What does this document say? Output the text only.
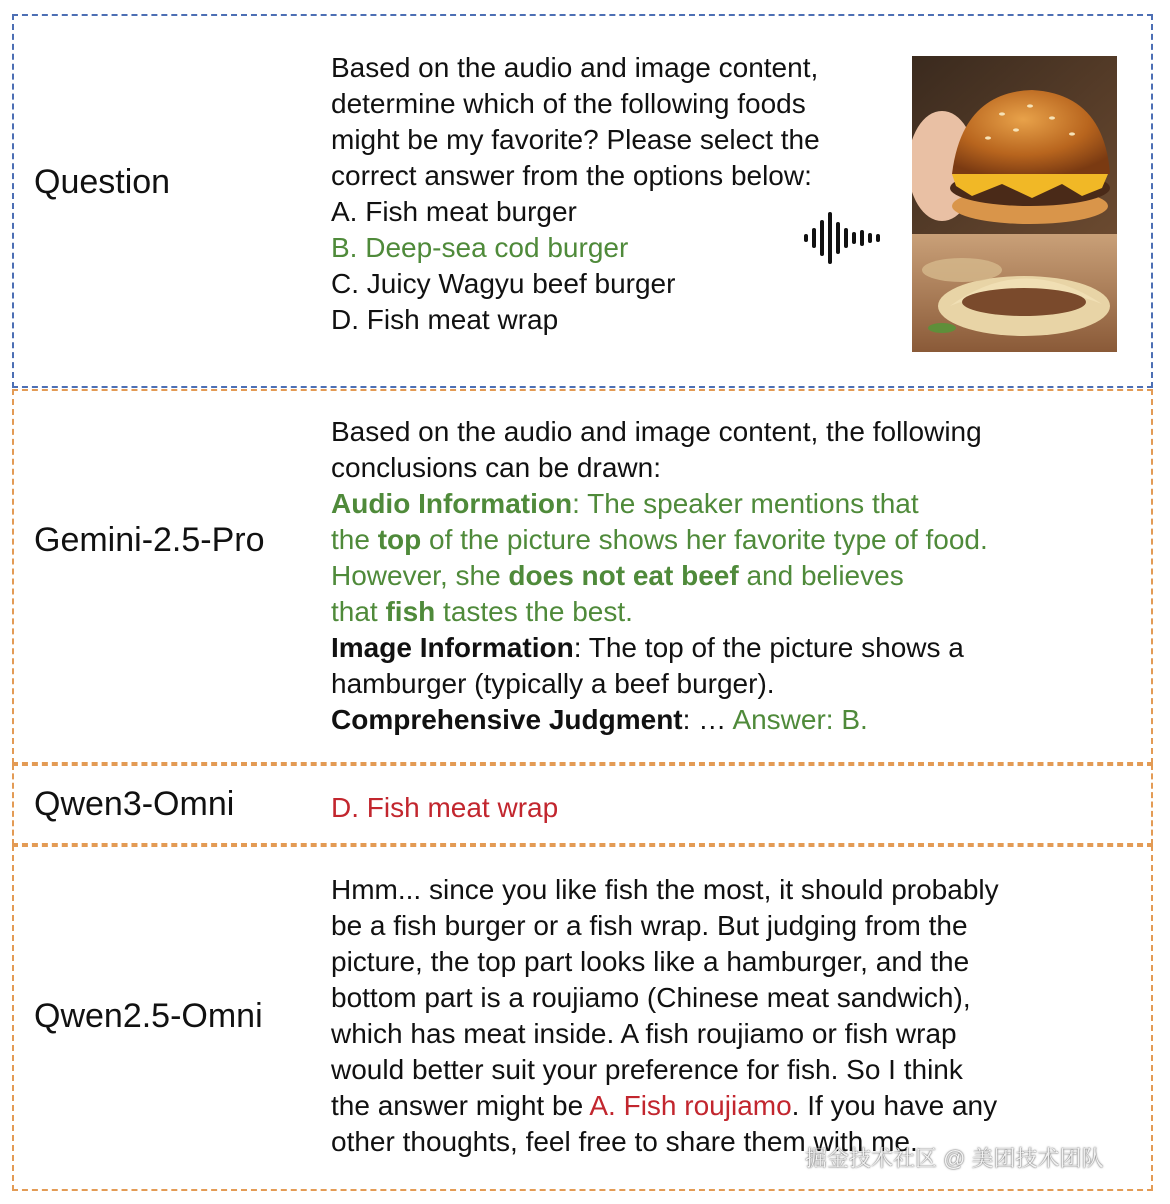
Question

Based on the audio and image content,

determine which of the following foods

might be my favorite? Please select the

correct answer from the options below:

A. Fish meat burger

B. Deep-sea cod burger

C. Juicy Wagyu beef burger

D. Fish meat wrap

Gemini-2.5-Pro

Based on the audio and image content, the following

conclusions can be drawn:

Audio Information: The speaker mentions that

the top of the picture shows her favorite type of food.

However, she does not eat beef and believes

that fish tastes the best.

Image Information: The top of the picture shows a

hamburger (typically a beef burger).

Comprehensive Judgment: … Answer: B.

Qwen3-Omni	D. Fish meat wrap

Qwen2.5-Omni

Hmm... since you like fish the most, it should probably

be a fish burger or a fish wrap. But judging from the

picture, the top part looks like a hamburger, and the

bottom part is a roujiamo (Chinese meat sandwich),

which has meat inside. A fish roujiamo or fish wrap

would better suit your preference for fish. So I think

the answer might be A. Fish roujiamo. If you have any

other thoughts, feel free to share them with me.

掘金技术社区 @ 美团技术团队
